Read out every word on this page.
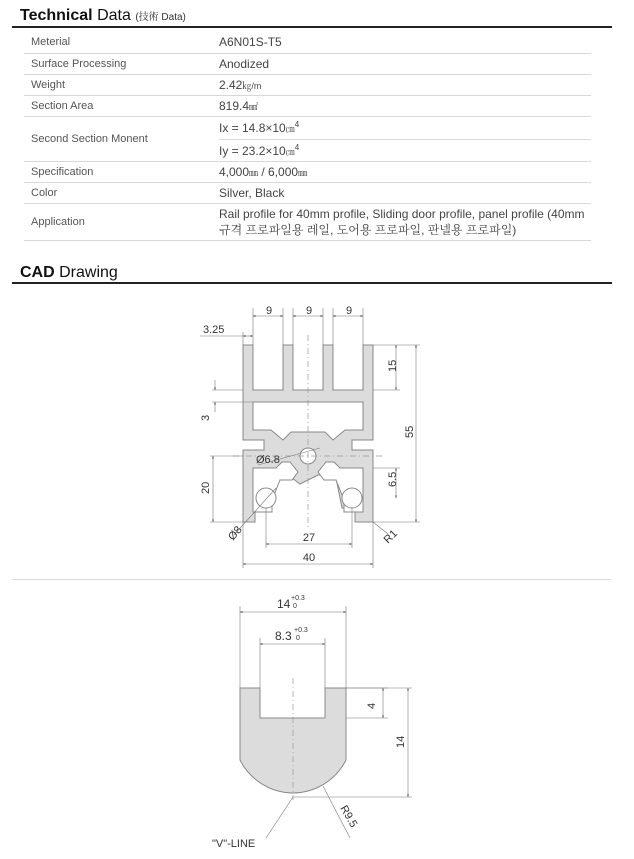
Technical Data (技術 Data)
Meterial	A6N01S-T5
Surface Processing	Anodized
Weight	2.42㎏/m
Section Area	819.4㎟
Second Section Monent	Ix = 14.8×10㎝$^4$
	Iy = 23.2×10㎝$^4$
Specification	4,000㎜ / 6,000㎜
Color	Silver, Black
Application	Rail profile for 40mm profile, Sliding door profile, panel profile (40mm
규격 프로파일용 레일, 도어용 프로파일, 판넬용 프로파일)
CAD Drawing
9	9	9
3.25
3
20
15
55
6.5
Ø6.8
Ø8	R1
27
40
14 +0.3
0
8.3 +0.3
0
4
14
R9.5
"V"-LINE
